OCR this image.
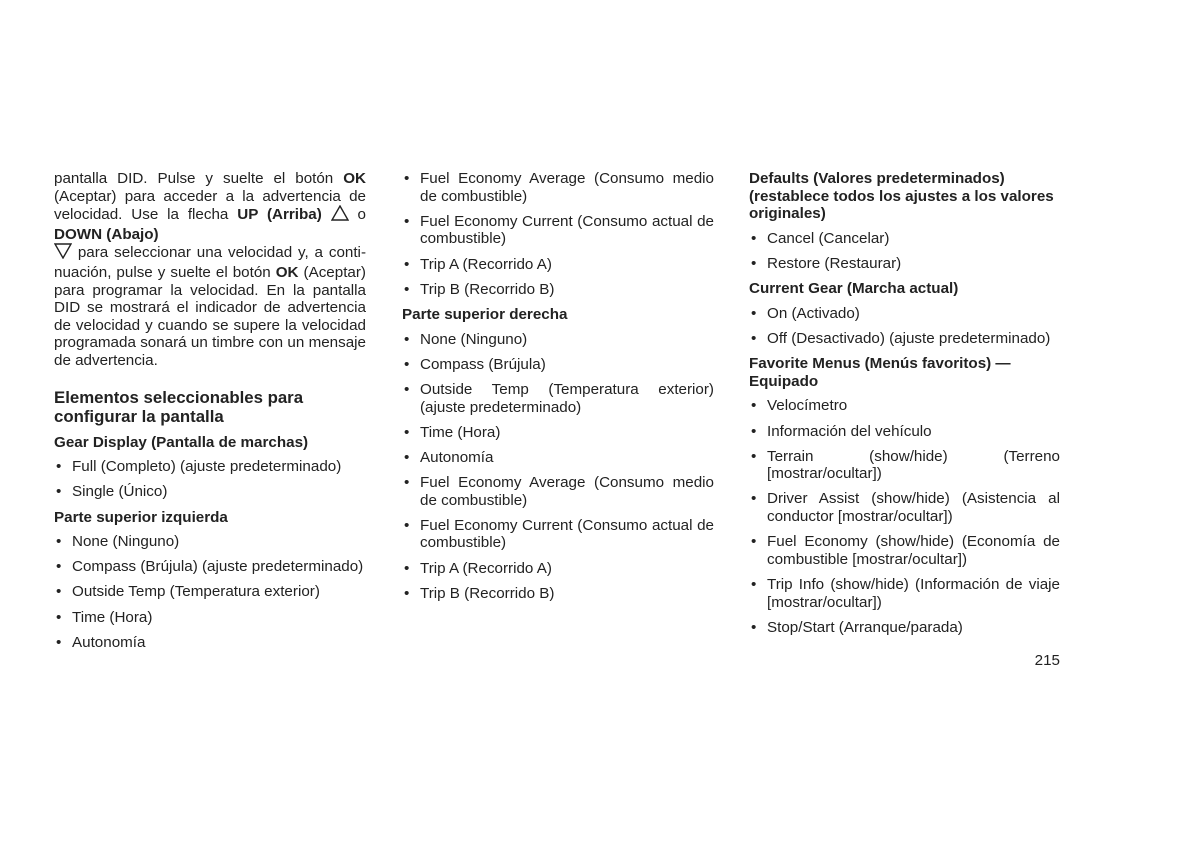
pantalla DID. Pulse y suelte el botón OK (Aceptar) para acceder a la advertencia de velocidad. Use la flecha UP (Arriba)  o DOWN (Abajo)
para seleccionar una velocidad y, a continuación, pulse y suelte el botón OK (Aceptar) para programar la velocidad. En la pantalla DID se mostrará el indicador de advertencia de velocidad y cuando se supere la velocidad programada sonará un timbre con un mensaje de advertencia.

Elementos seleccionables para configurar la pantalla
Gear Display (Pantalla de marchas)
• Full (Completo) (ajuste predeterminado)
• Single (Único)
Parte superior izquierda
• None (Ninguno)
• Compass (Brújula) (ajuste predeterminado)
• Outside Temp (Temperatura exterior)
• Time (Hora)
• Autonomía
• Fuel Economy Average (Consumo medio de combustible)
• Fuel Economy Current (Consumo actual de combustible)
• Trip A (Recorrido A)
• Trip B (Recorrido B)
Parte superior derecha
• None (Ninguno)
• Compass (Brújula)
• Outside Temp (Temperatura exterior) (ajuste predeterminado)
• Time (Hora)
• Autonomía
• Fuel Economy Average (Consumo medio de combustible)
• Fuel Economy Current (Consumo actual de combustible)
• Trip A (Recorrido A)
• Trip B (Recorrido B)
Defaults (Valores predeterminados) (restablece todos los ajustes a los valores originales)
• Cancel (Cancelar)
• Restore (Restaurar)
Current Gear (Marcha actual)
• On (Activado)
• Off (Desactivado) (ajuste predeterminado)
Favorite Menus (Menús favoritos) — Equipado
• Velocímetro
• Información del vehículo
• Terrain (show/hide) (Terreno [mostrar/ocultar])
• Driver Assist (show/hide) (Asistencia al conductor [mostrar/ocultar])
• Fuel Economy (show/hide) (Economía de combustible [mostrar/ocultar])
• Trip Info (show/hide) (Información de viaje [mostrar/ocultar])
• Stop/Start (Arranque/parada)
215
